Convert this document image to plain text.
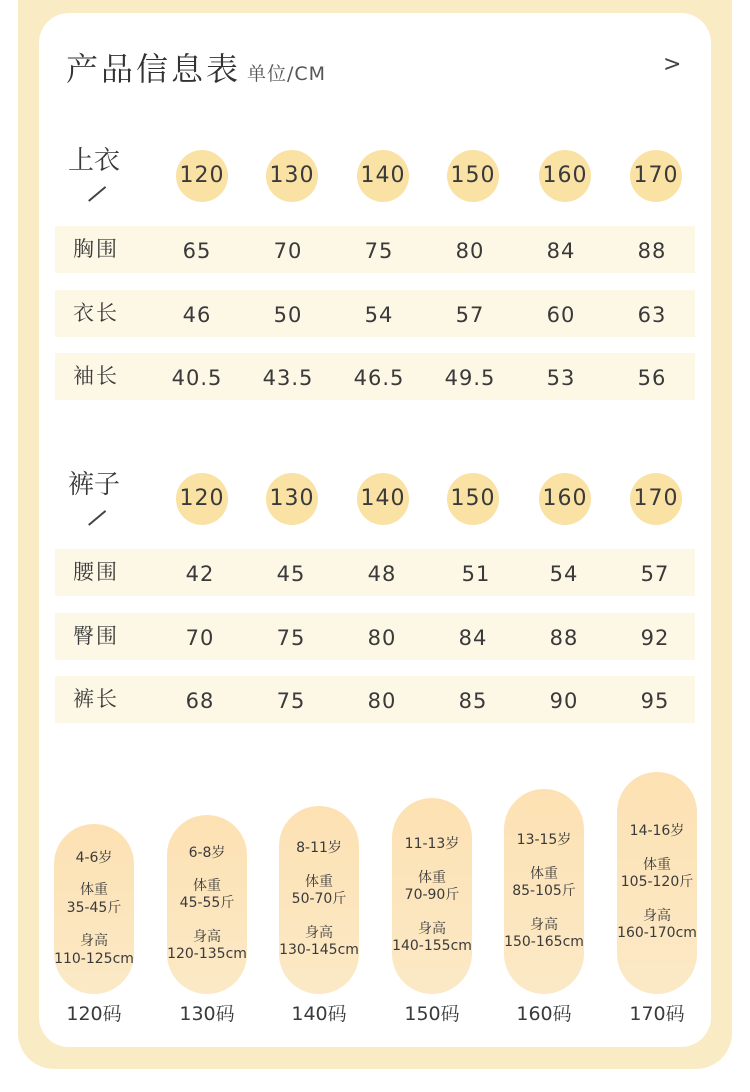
产品信息表 单位/CM	>
上衣	120 130 140 150 160 170
胸围	65	70	75	80	84	88
衣长	46	50	54	57	60	63
袖长	40.5	43.5	46.5	49.5	53	56
裤子	120 130 140 150 160 170
腰围	42	45	48	51	54	57
臀围	70	75	80	84	88	92
裤长	68	75	80	85	90	95
4-6岁
体重
35-45斤
身高
110-125cm
6-8岁
体重
45-55斤
身高
120-135cm
8-11岁
体重
50-70斤
身高
130-145cm
11-13岁
体重
70-90斤
身高
140-155cm
13-15岁
体重
85-105斤
身高
150-165cm
14-16岁
体重
105-120斤
身高
160-170cm
120码	130码	140码	150码	160码	170码
